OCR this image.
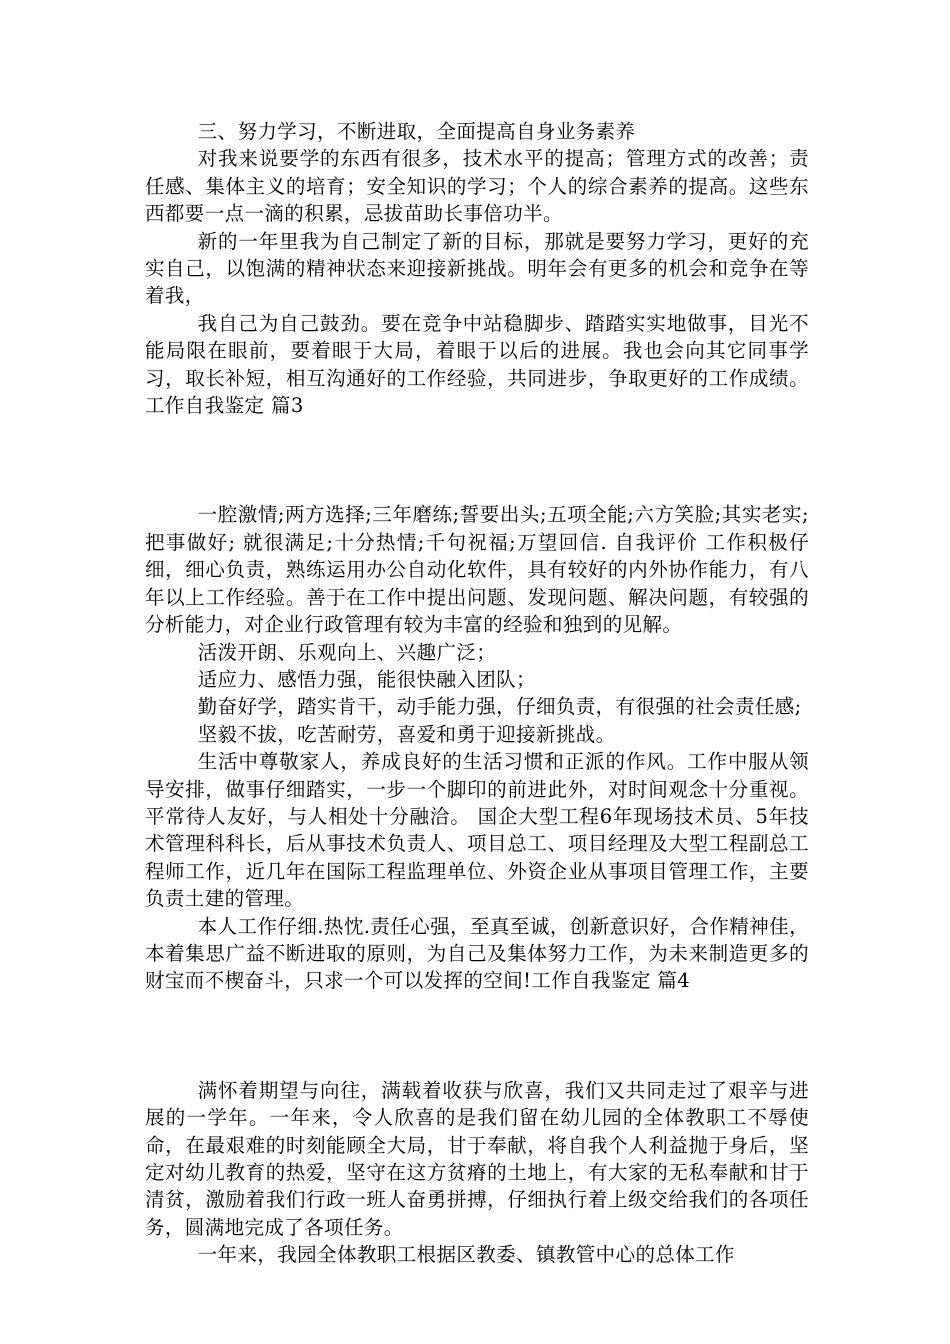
三、努力学习，不断进取，全面提高自身业务素养

对我来说要学的东西有很多，技术水平的提高；管理方式的改善；责任感、集体主义的培育；安全知识的学习；个人的综合素养的提高。这些东西都要一点一滴的积累，忌拔苗助长事倍功半。

新的一年里我为自己制定了新的目标，那就是要努力学习，更好的充实自己，以饱满的精神状态来迎接新挑战。明年会有更多的机会和竞争在等着我，

我自己为自己鼓劲。要在竞争中站稳脚步、踏踏实实地做事，目光不能局限在眼前，要着眼于大局，着眼于以后的进展。我也会向其它同事学习，取长补短，相互沟通好的工作经验，共同进步，争取更好的工作成绩。工作自我鉴定 篇3

一腔激情;两方选择;三年磨练;誓要出头;五项全能;六方笑脸;其实老实;把事做好; 就很满足;十分热情;千句祝福;万望回信. 自我评价 工作积极仔细，细心负责，熟练运用办公自动化软件，具有较好的内外协作能力，有八年以上工作经验。善于在工作中提出问题、发现问题、解决问题，有较强的分析能力，对企业行政管理有较为丰富的经验和独到的见解。

活泼开朗、乐观向上、兴趣广泛；

适应力、感悟力强，能很快融入团队；

勤奋好学，踏实肯干，动手能力强，仔细负责，有很强的社会责任感;

坚毅不拔，吃苦耐劳，喜爱和勇于迎接新挑战。

生活中尊敬家人，养成良好的生活习惯和正派的作风。工作中服从领导安排，做事仔细踏实，一步一个脚印的前进此外，对时间观念十分重视。平常待人友好，与人相处十分融洽。 国企大型工程6年现场技术员、5年技术管理科科长，后从事技术负责人、项目总工、项目经理及大型工程副总工程师工作，近几年在国际工程监理单位、外资企业从事项目管理工作，主要负责土建的管理。

本人工作仔细.热忱.责任心强，至真至诚，创新意识好，合作精神佳，本着集思广益不断进取的原则，为自己及集体努力工作，为未来制造更多的财宝而不楔奋斗，只求一个可以发挥的空间!工作自我鉴定 篇4

满怀着期望与向往，满载着收获与欣喜，我们又共同走过了艰辛与进展的一学年。一年来，令人欣喜的是我们留在幼儿园的全体教职工不辱使命，在最艰难的时刻能顾全大局，甘于奉献，将自我个人利益抛于身后，坚定对幼儿教育的热爱，坚守在这方贫瘠的土地上，有大家的无私奉献和甘于清贫，激励着我们行政一班人奋勇拼搏，仔细执行着上级交给我们的各项任务，圆满地完成了各项任务。

一年来，我园全体教职工根据区教委、镇教管中心的总体工作
